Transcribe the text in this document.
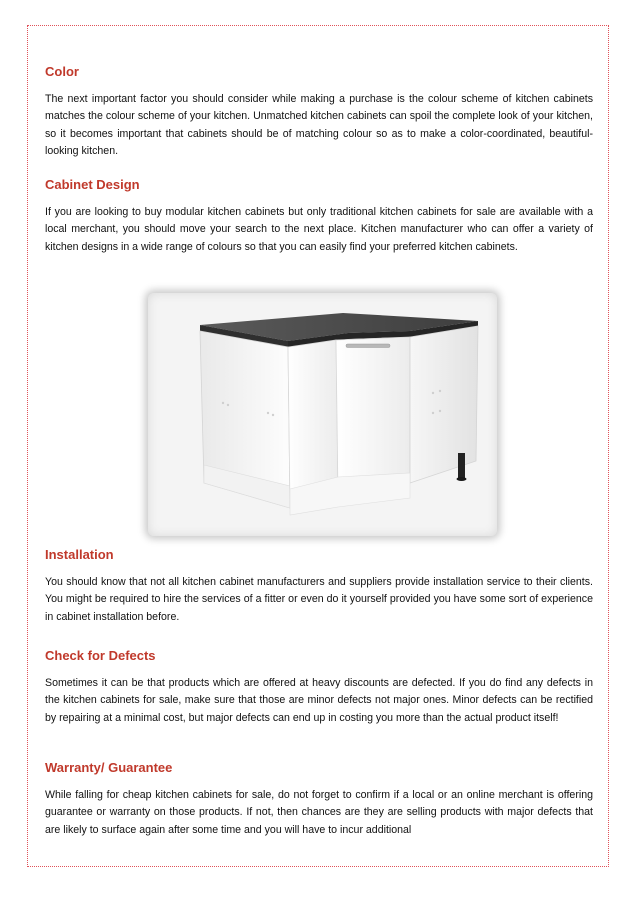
Color

The next important factor you should consider while making a purchase is the colour scheme of kitchen cabinets matches the colour scheme of your kitchen. Unmatched kitchen cabinets can spoil the complete look of your kitchen, so it becomes important that cabinets should be of matching colour so as to make a color-coordinated, beautiful-looking kitchen.

Cabinet Design

If you are looking to buy modular kitchen cabinets but only traditional kitchen cabinets for sale are available with a local merchant, you should move your search to the next place. Kitchen manufacturer who can offer a variety of kitchen designs in a wide range of colours so that you can easily find your preferred kitchen cabinets.

Installation

You should know that not all kitchen cabinet manufacturers and suppliers provide installation service to their clients. You might be required to hire the services of a fitter or even do it yourself provided you have some sort of experience in cabinet installation before.

Check for Defects

Sometimes it can be that products which are offered at heavy discounts are defected. If you do find any defects in the kitchen cabinets for sale, make sure that those are minor defects not major ones. Minor defects can be rectified by repairing at a minimal cost, but major defects can end up in costing you more than the actual product itself!

Warranty/ Guarantee

While falling for cheap kitchen cabinets for sale, do not forget to confirm if a local or an online merchant is offering guarantee or warranty on those products. If not, then chances are they are selling products with major defects that are likely to surface again after some time and you will have to incur additional
